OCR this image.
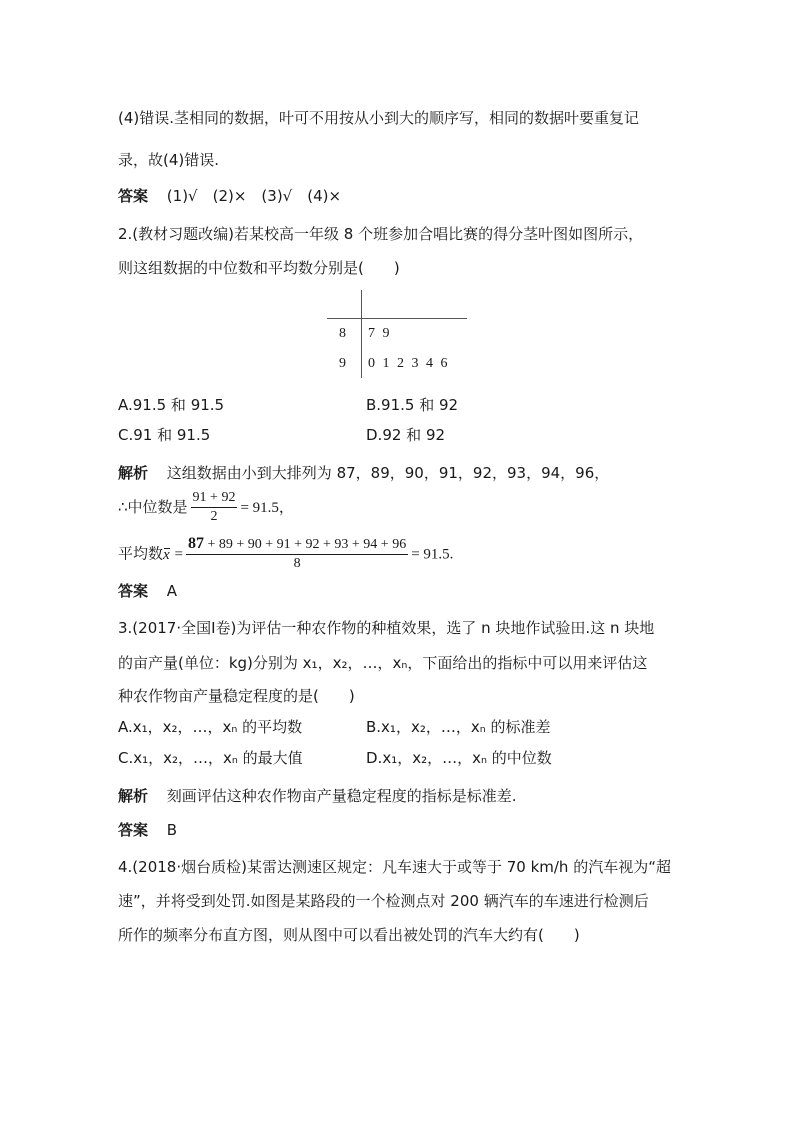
(4)错误.茎相同的数据，叶可不用按从小到大的顺序写，相同的数据叶要重复记
录，故(4)错误.
答案 (1)√　(2)×　(3)√　(4)×
2.(教材习题改编)若某校高一年级 8 个班参加合唱比赛的得分茎叶图如图所示，
则这组数据的中位数和平均数分别是(　　)
8 7 9
9 0 1 2 3 4 6
A.91.5 和 91.5	B.91.5 和 92
C.91 和 91.5	D.92 和 92
解析 这组数据由小到大排列为 87，89，90，91，92，93，94，96，
∴中位数是 $\frac{91 + 92}{2} = 91.5$，
平均数$x = \frac{87 + 89 + 90 + 91 + 92 + 93 + 94 + 96}{8} = 91.5$.
答案 A
3.(2017·全国Ⅰ卷)为评估一种农作物的种植效果，选了 n 块地作试验田.这 n 块地
的亩产量(单位：kg)分别为 x₁，x₂，…，xₙ，下面给出的指标中可以用来评估这
种农作物亩产量稳定程度的是(　　)
A.x₁，x₂，…，xₙ 的平均数	B.x₁，x₂，…，xₙ 的标准差
C.x₁，x₂，…，xₙ 的最大值	D.x₁，x₂，…，xₙ 的中位数
解析 刻画评估这种农作物亩产量稳定程度的指标是标准差.
答案 B
4.(2018·烟台质检)某雷达测速区规定：凡车速大于或等于 70 km/h 的汽车视为“超
速”，并将受到处罚.如图是某路段的一个检测点对 200 辆汽车的车速进行检测后
所作的频率分布直方图，则从图中可以看出被处罚的汽车大约有(　　)
